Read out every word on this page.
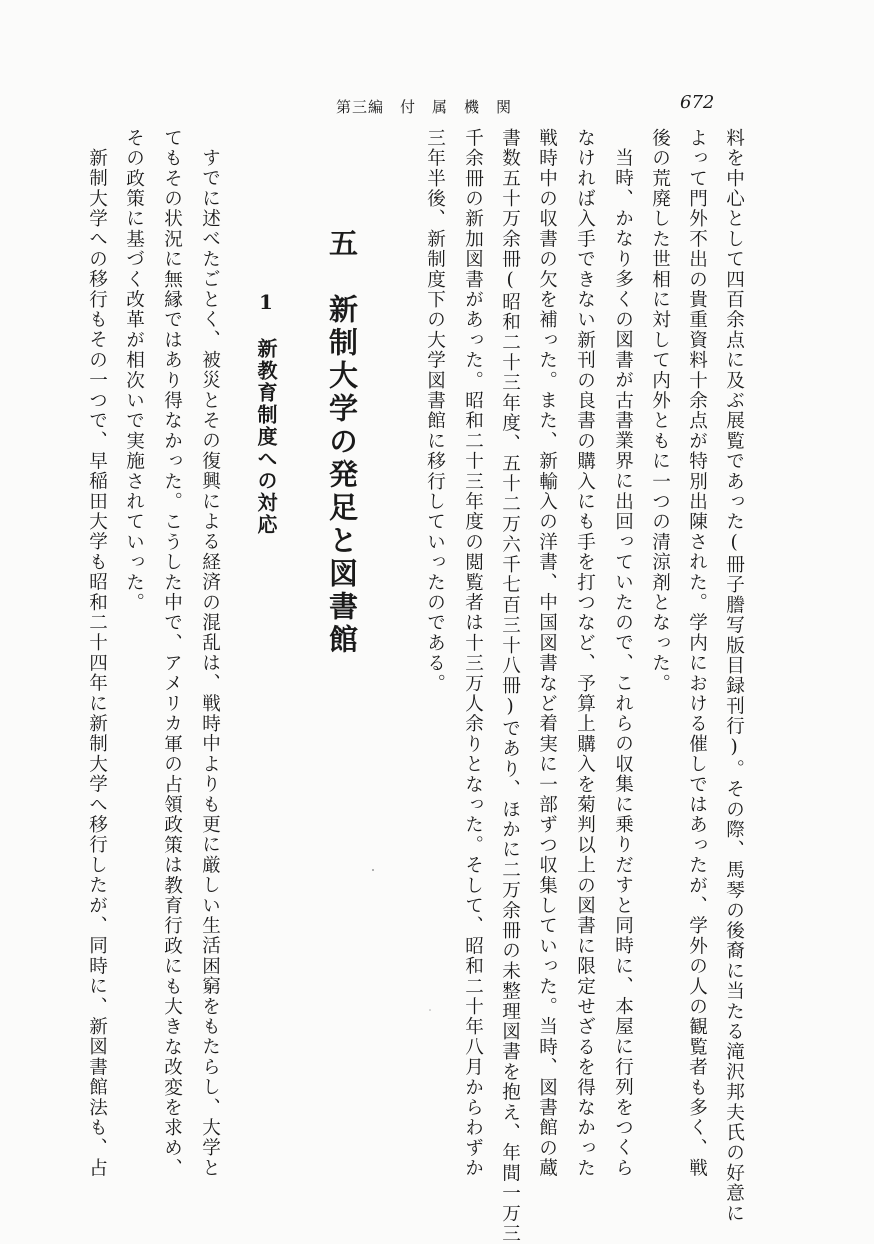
第三編　付　属　機　関	672

料を中心として四百余点に及ぶ展覧であった(冊子謄写版目録刊行)。その際、馬琴の後裔に当たる滝沢邦夫氏の好意に

よって門外不出の貴重資料十余点が特別出陳された。学内における催しではあったが、学外の人の観覧者も多く、戦

後の荒廃した世相に対して内外ともに一つの清涼剤となった。

当時、かなり多くの図書が古書業界に出回っていたので、これらの収集に乗りだすと同時に、本屋に行列をつくら

なければ入手できない新刊の良書の購入にも手を打つなど、予算上購入を菊判以上の図書に限定せざるを得なかった

戦時中の収書の欠を補った。また、新輸入の洋書、中国図書など着実に一部ずつ収集していった。当時、図書館の蔵

書数五十万余冊(昭和二十三年度、五十二万六千七百三十八冊)であり、ほかに二万余冊の未整理図書を抱え、年間一万三

千余冊の新加図書があった。昭和二十三年度の閲覧者は十三万人余りとなった。そして、昭和二十年八月からわずか

三年半後、新制度下の大学図書館に移行していったのである。

五　新制大学の発足と図書館
1　新教育制度への対応

すでに述べたごとく、被災とその復興による経済の混乱は、戦時中よりも更に厳しい生活困窮をもたらし、大学と

てもその状況に無縁ではあり得なかった。こうした中で、アメリカ軍の占領政策は教育行政にも大きな改変を求め、

その政策に基づく改革が相次いで実施されていった。

新制大学への移行もその一つで、早稲田大学も昭和二十四年に新制大学へ移行したが、同時に、新図書館法も、占
